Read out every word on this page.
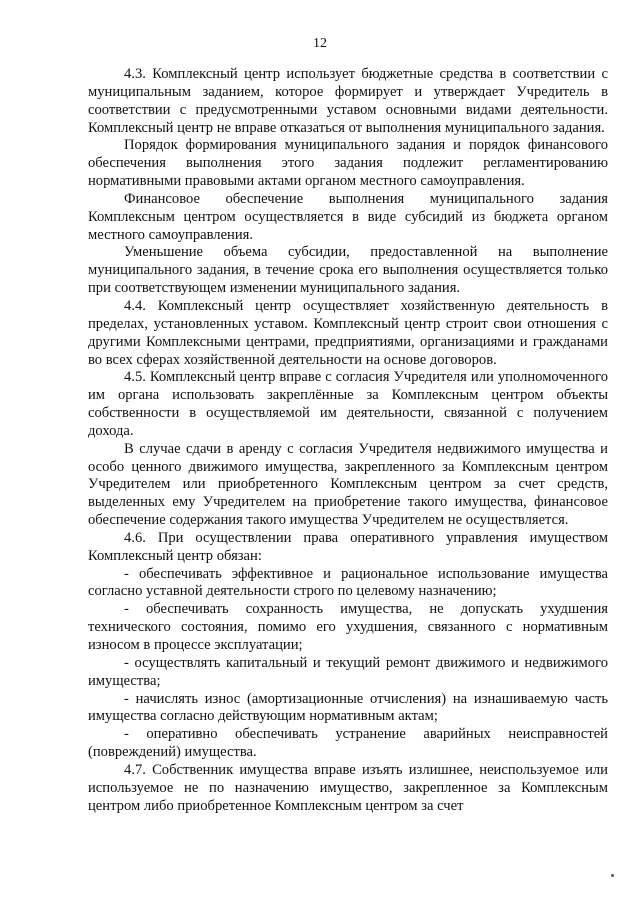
12

4.3. Комплексный центр использует бюджетные средства в соответствии с муниципальным заданием, которое формирует и утверждает Учредитель в соответствии с предусмотренными уставом основными видами деятельности. Комплексный центр не вправе отказаться от выполнения муниципального задания.

Порядок формирования муниципального задания и порядок финансового обеспечения выполнения этого задания подлежит регламентированию нормативными правовыми актами органом местного самоуправления.

Финансовое обеспечение выполнения муниципального задания Комплексным центром осуществляется в виде субсидий из бюджета органом местного самоуправления.

Уменьшение объема субсидии, предоставленной на выполнение муниципального задания, в течение срока его выполнения осуществляется только при соответствующем изменении муниципального задания.

4.4. Комплексный центр осуществляет хозяйственную деятельность в пределах, установленных уставом. Комплексный центр строит свои отношения с другими Комплексными центрами, предприятиями, организациями и гражданами во всех сферах хозяйственной деятельности на основе договоров.

4.5. Комплексный центр вправе с согласия Учредителя или уполномоченного им органа использовать закреплённые за Комплексным центром объекты собственности в осуществляемой им деятельности, связанной с получением дохода.

В случае сдачи в аренду с согласия Учредителя недвижимого имущества и особо ценного движимого имущества, закрепленного за Комплексным центром Учредителем или приобретенного Комплексным центром за счет средств, выделенных ему Учредителем на приобретение такого имущества, финансовое обеспечение содержания такого имущества Учредителем не осуществляется.

4.6. При осуществлении права оперативного управления имуществом Комплексный центр обязан:

- обеспечивать эффективное и рациональное использование имущества согласно уставной деятельности строго по целевому назначению;

- обеспечивать сохранность имущества, не допускать ухудшения технического состояния, помимо его ухудшения, связанного с нормативным износом в процессе эксплуатации;

- осуществлять капитальный и текущий ремонт движимого и недвижимого имущества;

- начислять износ (амортизационные отчисления) на изнашиваемую часть имущества согласно действующим нормативным актам;

- оперативно обеспечивать устранение аварийных неисправностей (повреждений) имущества.

4.7. Собственник имущества вправе изъять излишнее, неиспользуемое или используемое не по назначению имущество, закрепленное за Комплексным центром либо приобретенное Комплексным центром за счет
